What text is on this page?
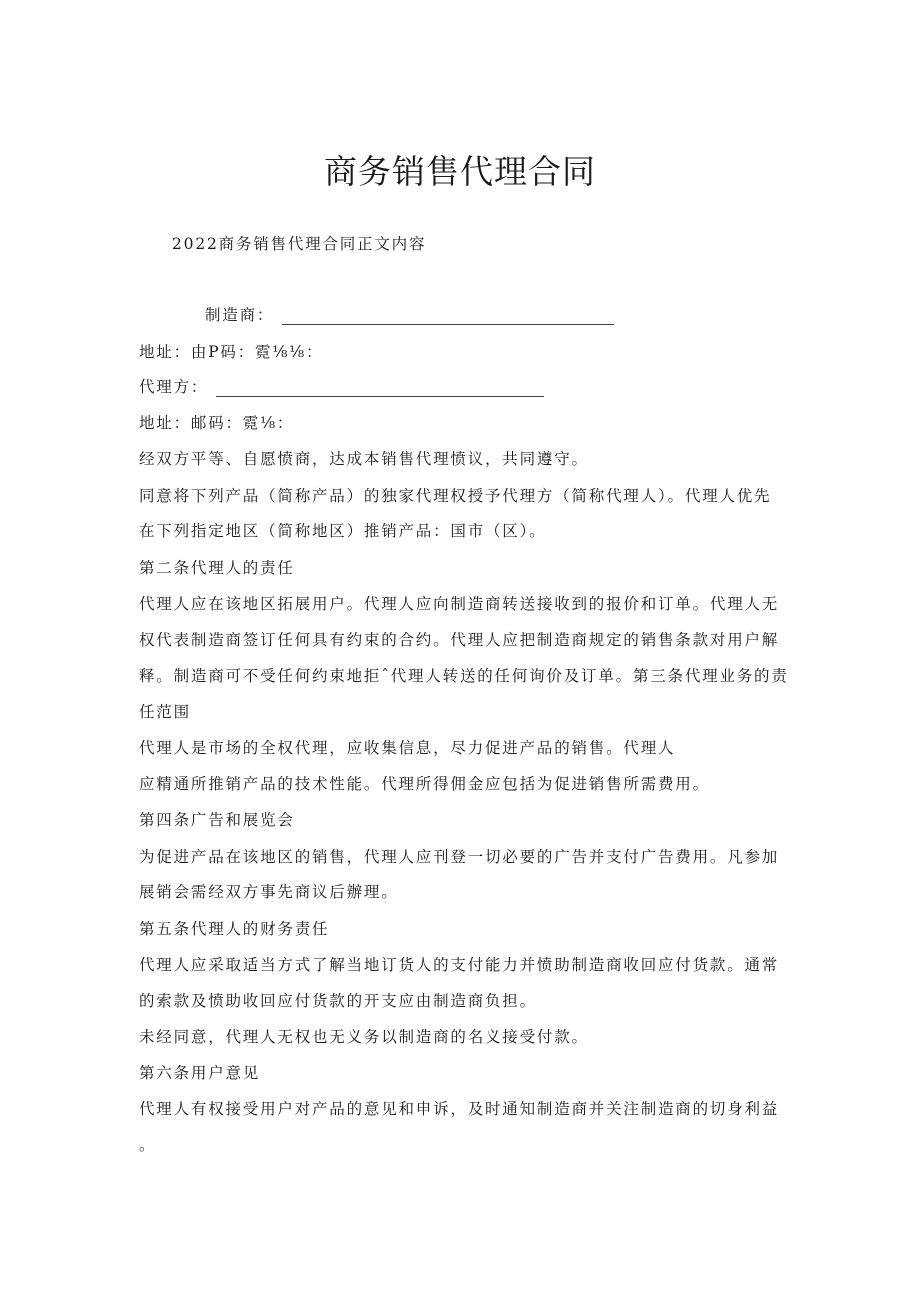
商务销售代理合同
2022商务销售代理合同正文内容
制造商：
地址：由P码：霓⅛⅛：
代理方：
地址：邮码：霓⅛：
经双方平等、自愿愤商，达成本销售代理愤议，共同遵守。
同意将下列产品（简称产品）的独家代理权授予代理方（简称代理人）。代理人优先
在下列指定地区（简称地区）推销产品：国市（区）。
第二条代理人的责任
代理人应在该地区拓展用户。代理人应向制造商转送接收到的报价和订单。代理人无
权代表制造商签订任何具有约束的合约。代理人应把制造商规定的销售条款对用户解
释。制造商可不受任何约束地拒ˆ代理人转送的任何询价及订单。第三条代理业务的责
任范围
代理人是市场的全权代理，应收集信息，尽力促进产品的销售。代理人
应精通所推销产品的技术性能。代理所得佣金应包括为促进销售所需费用。
第四条广告和展览会
为促进产品在该地区的销售，代理人应刊登一切必要的广告并支付广告费用。凡参加
展销会需经双方事先商议后辦理。
第五条代理人的财务责任
代理人应采取适当方式了解当地订货人的支付能力并愤助制造商收回应付货款。通常
的索款及愤助收回应付货款的开支应由制造商负担。
未经同意，代理人无权也无义务以制造商的名义接受付款。
第六条用户意见
代理人有权接受用户对产品的意见和申诉，及时通知制造商并关注制造商的切身利益
。
